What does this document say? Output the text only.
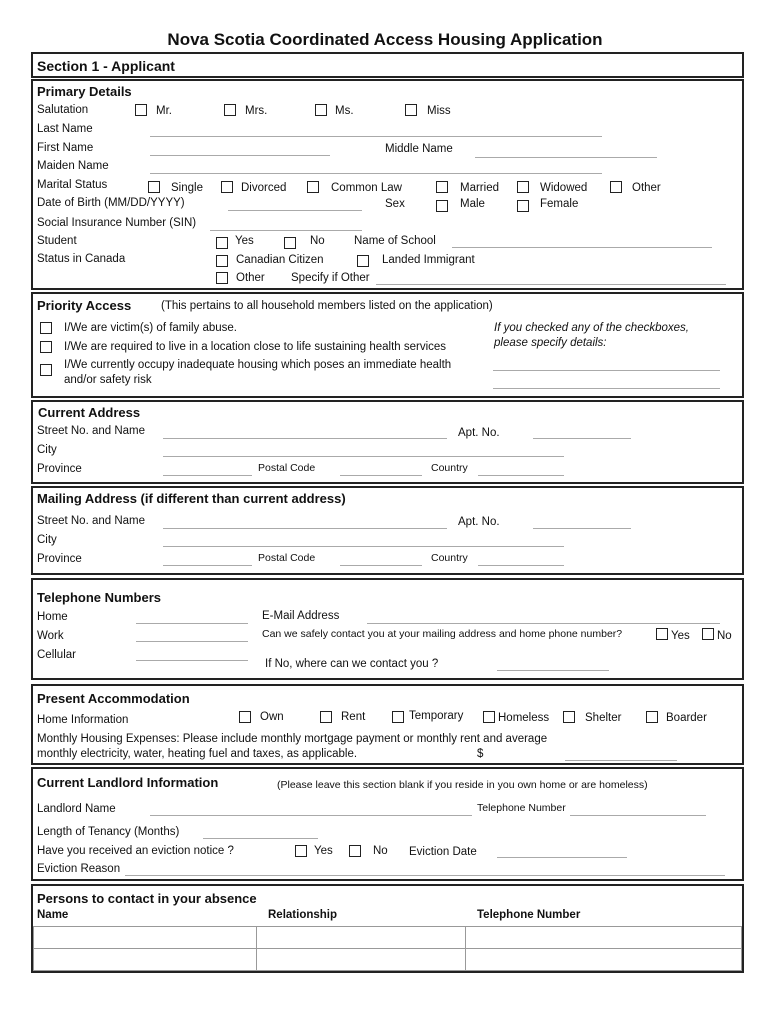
Nova Scotia Coordinated Access Housing Application
Section 1 - Applicant
Primary Details
Salutation	Mr.	Mrs.	Ms.	Miss
Last Name
First Name	Middle Name
Maiden Name
Marital Status	Single	Divorced	Common Law	Married	Widowed	Other
Date of Birth (MM/DD/YYYY)	Sex	Male	Female
Social Insurance Number (SIN)
Student	Yes	No	Name of School
Status in Canada	Canadian Citizen	Landed Immigrant
Other Specify if Other
Priority Access	(This pertains to all household members listed on the application)
I/We are victim(s) of family abuse.
I/We are required to live in a location close to life sustaining health services
I/We currently occupy inadequate housing which poses an immediate health
and/or safety risk
If you checked any of the checkboxes,
please specify details:
Current Address
Street No. and Name	Apt. No.
City
Province	Postal Code	Country
Mailing Address (if different than current address)
Street No. and Name	Apt. No.
City
Province	Postal Code	Country
Telephone Numbers
Home
Work
Cellular
E-Mail Address
Can we safely contact you at your mailing address and home phone number?	Yes No
If No, where can we contact you ?
Present Accommodation
Home Information	Own	Rent	Temporary	Homeless	Shelter	Boarder
Monthly Housing Expenses: Please include monthly mortgage payment or monthly rent and average
monthly electricity, water, heating fuel and taxes, as applicable.	$
Current Landlord Information	(Please leave this section blank if you reside in you own home or are homeless)
Landlord Name	Telephone Number
Length of Tenancy (Months)
Have you received an eviction notice ?	Yes	No Eviction Date
Eviction Reason
Persons to contact in your absence
Name	Relationship	Telephone Number
